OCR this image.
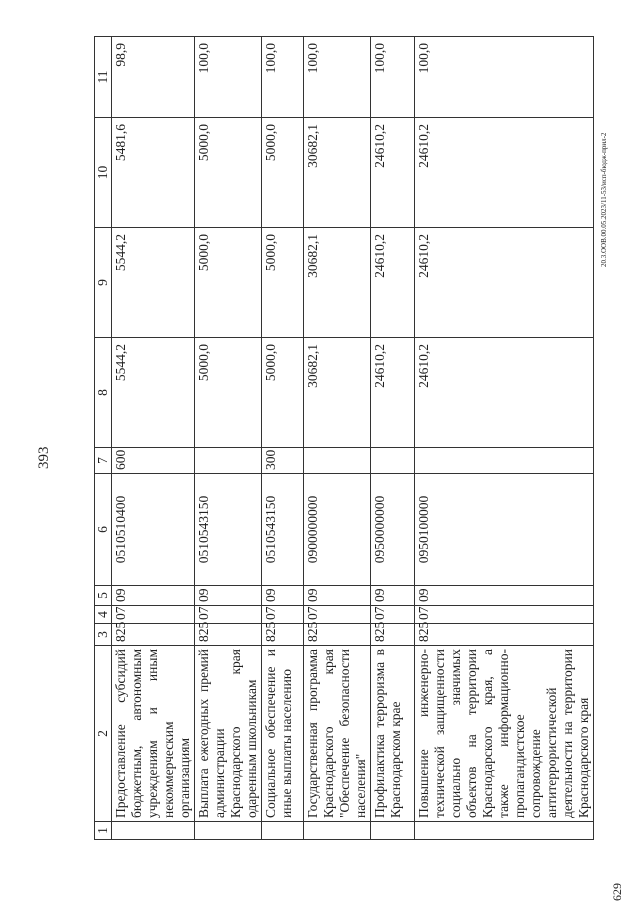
393
1	2	3	4	5	6	7	8	9	10	11
	Предоставление субсидий бюджетным, автономным учреждениям и иным некоммерческим организациям	825	07	09	0510510400	600	5544,2	5544,2	5481,6	98,9
	Выплата ежегодных премий администрации Краснодарского края одаренным школьникам	825	07	09	0510543150		5000,0	5000,0	5000,0	100,0
	Социальное обеспечение и иные выплаты населению	825	07	09	0510543150	300	5000,0	5000,0	5000,0	100,0
	Государственная программа Краснодарского края "Обеспечение безопасности населения"	825	07	09	0900000000		30682,1	30682,1	30682,1	100,0
	Профилактика терроризма в Краснодарском крае	825	07	09	0950000000		24610,2	24610,2	24610,2	100,0
	Повышение инженерно-технической защищенности социально значимых объектов на территории Краснодарского края, а также информационно-пропагандистское сопровождение антитеррористической деятельности на территории Краснодарского края	825	07	09	0950100000		24610,2	24610,2	24610,2	100,0
20.3.OOB.00.05.2023/11-53/исп-бюдж-прил-2
629
